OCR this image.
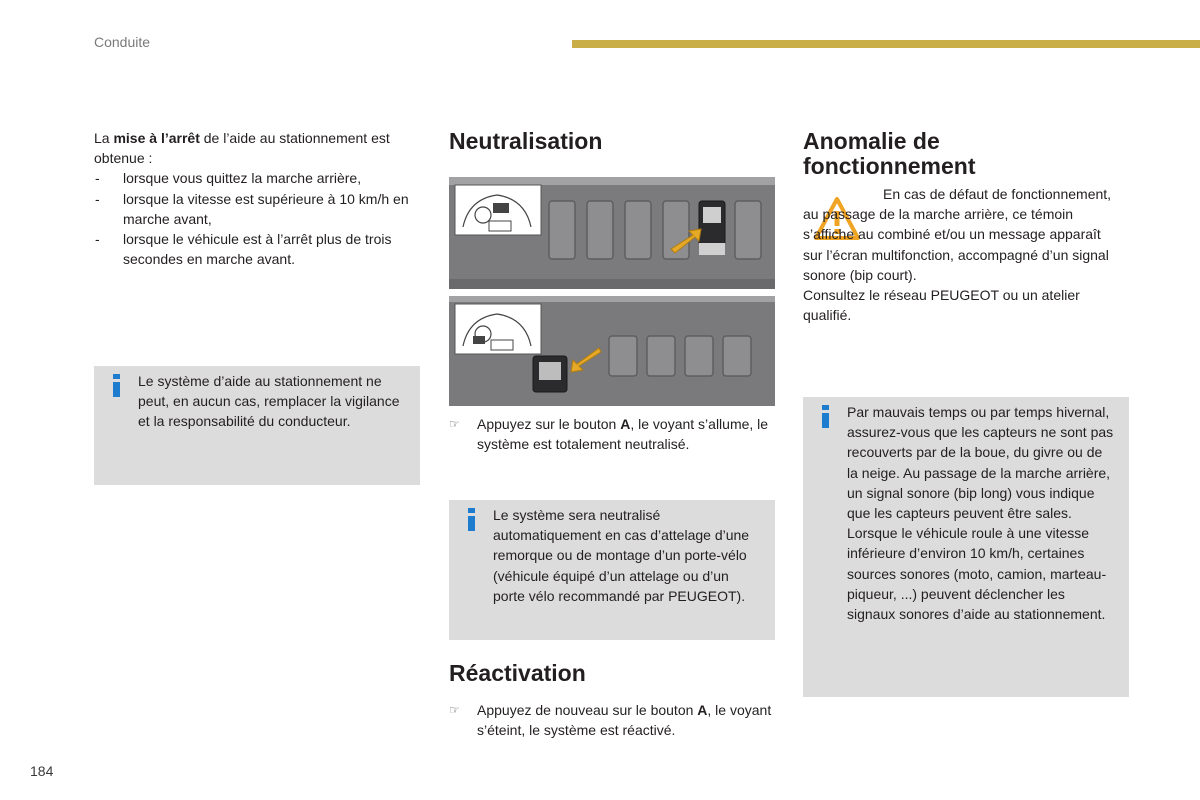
Conduite

La mise à l’arrêt de l’aide au stationnement est obtenue :

- lorsque vous quittez la marche arrière,
- lorsque la vitesse est supérieure à 10 km/h en marche avant,
- lorsque le véhicule est à l’arrêt plus de trois secondes en marche avant.
Le système d’aide au stationnement ne peut, en aucun cas, remplacer la vigilance et la responsabilité du conducteur.
Neutralisation

☞ Appuyez sur le bouton A, le voyant s’allume, le système est totalement neutralisé.

Le système sera neutralisé automatiquement en cas d’attelage d’une remorque ou de montage d’un porte-vélo (véhicule équipé d’un attelage ou d’un porte vélo recommandé par PEUGEOT).
Réactivation

☞ Appuyez de nouveau sur le bouton A, le voyant s’éteint, le système est réactivé.

Anomalie de fonctionnement

En cas de défaut de fonctionnement, au passage de la marche arrière, ce témoin s’affiche au combiné et/ou un message apparaît sur l’écran multifonction, accompagné d’un signal sonore (bip court).

Consultez le réseau PEUGEOT ou un atelier qualifié.

Par mauvais temps ou par temps hivernal, assurez-vous que les capteurs ne sont pas recouverts par de la boue, du givre ou de la neige. Au passage de la marche arrière, un signal sonore (bip long) vous indique que les capteurs peuvent être sales.

Lorsque le véhicule roule à une vitesse inférieure d’environ 10 km/h, certaines sources sonores (moto, camion, marteau-piqueur, ...) peuvent déclencher les signaux sonores d’aide au stationnement.

184
